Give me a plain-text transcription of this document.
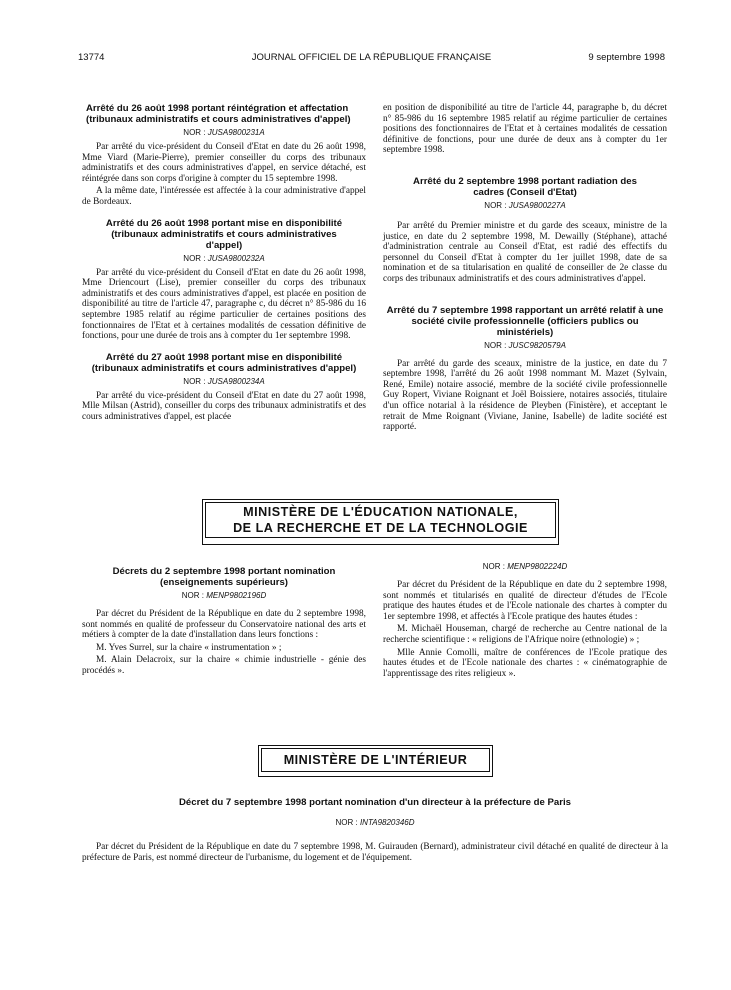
13774	JOURNAL OFFICIEL DE LA RÉPUBLIQUE FRANÇAISE	9 septembre 1998

Arrêté du 26 août 1998 portant réintégration et affectation (tribunaux administratifs et cours administratives d'appel)

NOR : JUSA9800231A

Par arrêté du vice-président du Conseil d'Etat en date du 26 août 1998, Mme Viard (Marie-Pierre), premier conseiller du corps des tribunaux administratifs et des cours administratives d'appel, en service détaché, est réintégrée dans son corps d'origine à compter du 15 septembre 1998.

A la même date, l'intéressée est affectée à la cour administrative d'appel de Bordeaux.

Arrêté du 26 août 1998 portant mise en disponibilité (tribunaux administratifs et cours administratives d'appel)

NOR : JUSA9800232A

Par arrêté du vice-président du Conseil d'Etat en date du 26 août 1998, Mme Driencourt (Lise), premier conseiller du corps des tribunaux administratifs et des cours administratives d'appel, est placée en position de disponibilité au titre de l'article 47, paragraphe c, du décret n° 85-986 du 16 septembre 1985 relatif au régime particulier de certaines positions des fonctionnaires de l'Etat et à certaines modalités de cessation définitive de fonctions, pour une durée de trois ans à compter du 1er septembre 1998.

Arrêté du 27 août 1998 portant mise en disponibilité (tribunaux administratifs et cours administratives d'appel)

NOR : JUSA9800234A

Par arrêté du vice-président du Conseil d'Etat en date du 27 août 1998, Mlle Milsan (Astrid), conseiller du corps des tribunaux administratifs et des cours administratives d'appel, est placée

en position de disponibilité au titre de l'article 44, paragraphe b, du décret n° 85-986 du 16 septembre 1985 relatif au régime particulier de certaines positions des fonctionnaires de l'Etat et à certaines modalités de cessation définitive de fonctions, pour une durée de deux ans à compter du 1er septembre 1998.

Arrêté du 2 septembre 1998 portant radiation des cadres (Conseil d'Etat)

NOR : JUSA9800227A

Par arrêté du Premier ministre et du garde des sceaux, ministre de la justice, en date du 2 septembre 1998, M. Dewailly (Stéphane), attaché d'administration centrale au Conseil d'Etat, est radié des effectifs du personnel du Conseil d'Etat à compter du 1er juillet 1998, date de sa nomination et de sa titularisation en qualité de conseiller de 2e classe du corps des tribunaux administratifs et des cours administratives d'appel.

Arrêté du 7 septembre 1998 rapportant un arrêté relatif à une société civile professionnelle (officiers publics ou ministériels)

NOR : JUSC9820579A

Par arrêté du garde des sceaux, ministre de la justice, en date du 7 septembre 1998, l'arrêté du 26 août 1998 nommant M. Mazet (Sylvain, René, Emile) notaire associé, membre de la société civile professionnelle Guy Ropert, Viviane Roignant et Joël Boissiere, notaires associés, titulaire d'un office notarial à la résidence de Pleyben (Finistère), et acceptant le retrait de Mme Roignant (Viviane, Janine, Isabelle) de ladite société est rapporté.

MINISTÈRE DE L'ÉDUCATION NATIONALE,
DE LA RECHERCHE ET DE LA TECHNOLOGIE

Décrets du 2 septembre 1998 portant nomination (enseignements supérieurs)

NOR : MENP9802196D

Par décret du Président de la République en date du 2 septembre 1998, sont nommés en qualité de professeur du Conservatoire national des arts et métiers à compter de la date d'installation dans leurs fonctions :

M. Yves Surrel, sur la chaire « instrumentation » ;

M. Alain Delacroix, sur la chaire « chimie industrielle - génie des procédés ».

NOR : MENP9802224D

Par décret du Président de la République en date du 2 septembre 1998, sont nommés et titularisés en qualité de directeur d'études de l'Ecole pratique des hautes études et de l'Ecole nationale des chartes à compter du 1er septembre 1998, et affectés à l'Ecole pratique des hautes études :

M. Michaël Houseman, chargé de recherche au Centre national de la recherche scientifique : « religions de l'Afrique noire (ethnologie) » ;

Mlle Annie Comolli, maître de conférences de l'Ecole pratique des hautes études et de l'Ecole nationale des chartes : « cinématographie de l'apprentissage des rites religieux ».

MINISTÈRE DE L'INTÉRIEUR

Décret du 7 septembre 1998 portant nomination d'un directeur à la préfecture de Paris

NOR : INTA9820346D

Par décret du Président de la République en date du 7 septembre 1998, M. Guirauden (Bernard), administrateur civil détaché en qualité de directeur à la préfecture de Paris, est nommé directeur de l'urbanisme, du logement et de l'équipement.
